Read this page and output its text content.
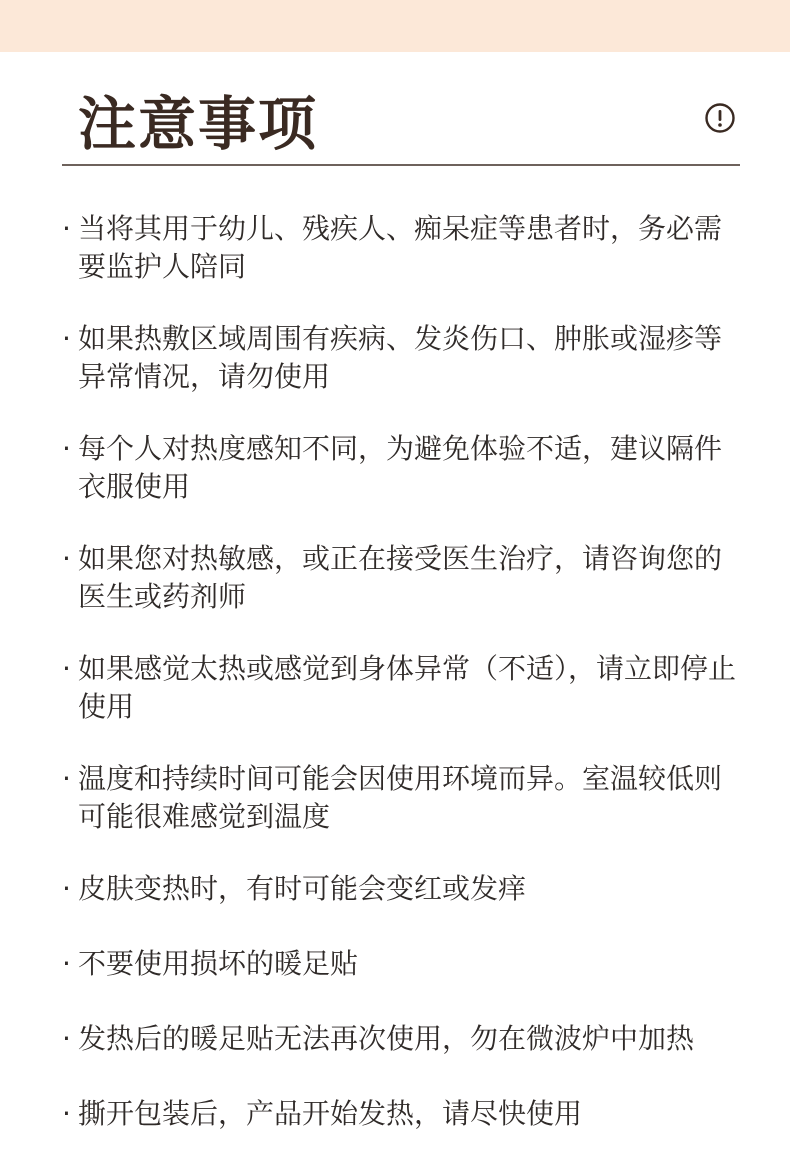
注意事项
· 当将其用于幼儿、残疾人、痴呆症等患者时，务必需要监护人陪同
· 如果热敷区域周围有疾病、发炎伤口、肿胀或湿疹等异常情况，请勿使用
· 每个人对热度感知不同，为避免体验不适，建议隔件衣服使用
· 如果您对热敏感，或正在接受医生治疗，请咨询您的医生或药剂师
· 如果感觉太热或感觉到身体异常（不适），请立即停止使用
· 温度和持续时间可能会因使用环境而异。室温较低则可能很难感觉到温度
· 皮肤变热时，有时可能会变红或发痒
· 不要使用损坏的暖足贴
· 发热后的暖足贴无法再次使用，勿在微波炉中加热
· 撕开包装后，产品开始发热，请尽快使用
